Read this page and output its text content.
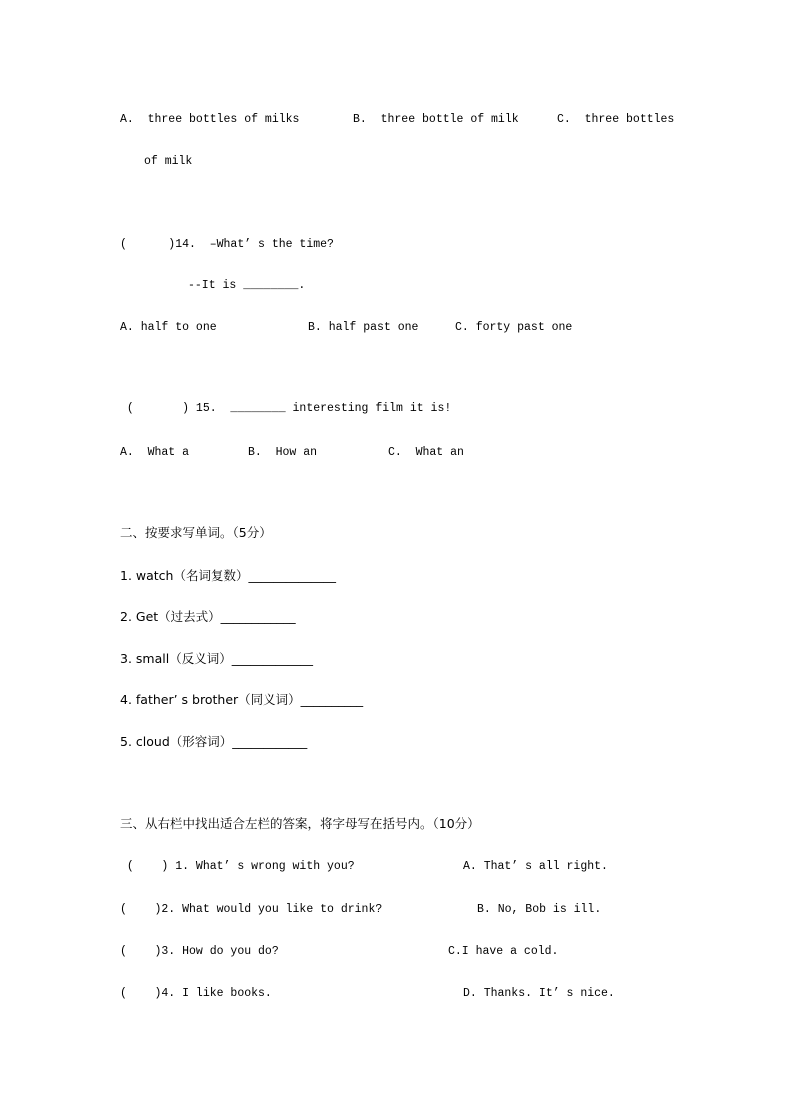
A.  three bottles of milks	B.  three bottle of milk	C.  three bottles
of milk
(      )14.  –What’ s the time?
--It is ________.
A. half to one	B. half past one	C. forty past one
(       ) 15.  ________ interesting film it is!
A.  What a	B.  How an	C.  What an
二、按要求写单词。（5分）
1. watch（名词复数）______________
2. Get（过去式）____________
3. small（反义词）_____________
4. father’ s brother（同义词）__________
5. cloud（形容词）____________
三、从右栏中找出适合左栏的答案，将字母写在括号内。（10分）
(    ) 1. What’ s wrong with you?	A. That’ s all right.
(    )2. What would you like to drink?	B. No, Bob is ill.
(    )3. How do you do?	C.I have a cold.
(    )4. I like books.	D. Thanks. It’ s nice.
